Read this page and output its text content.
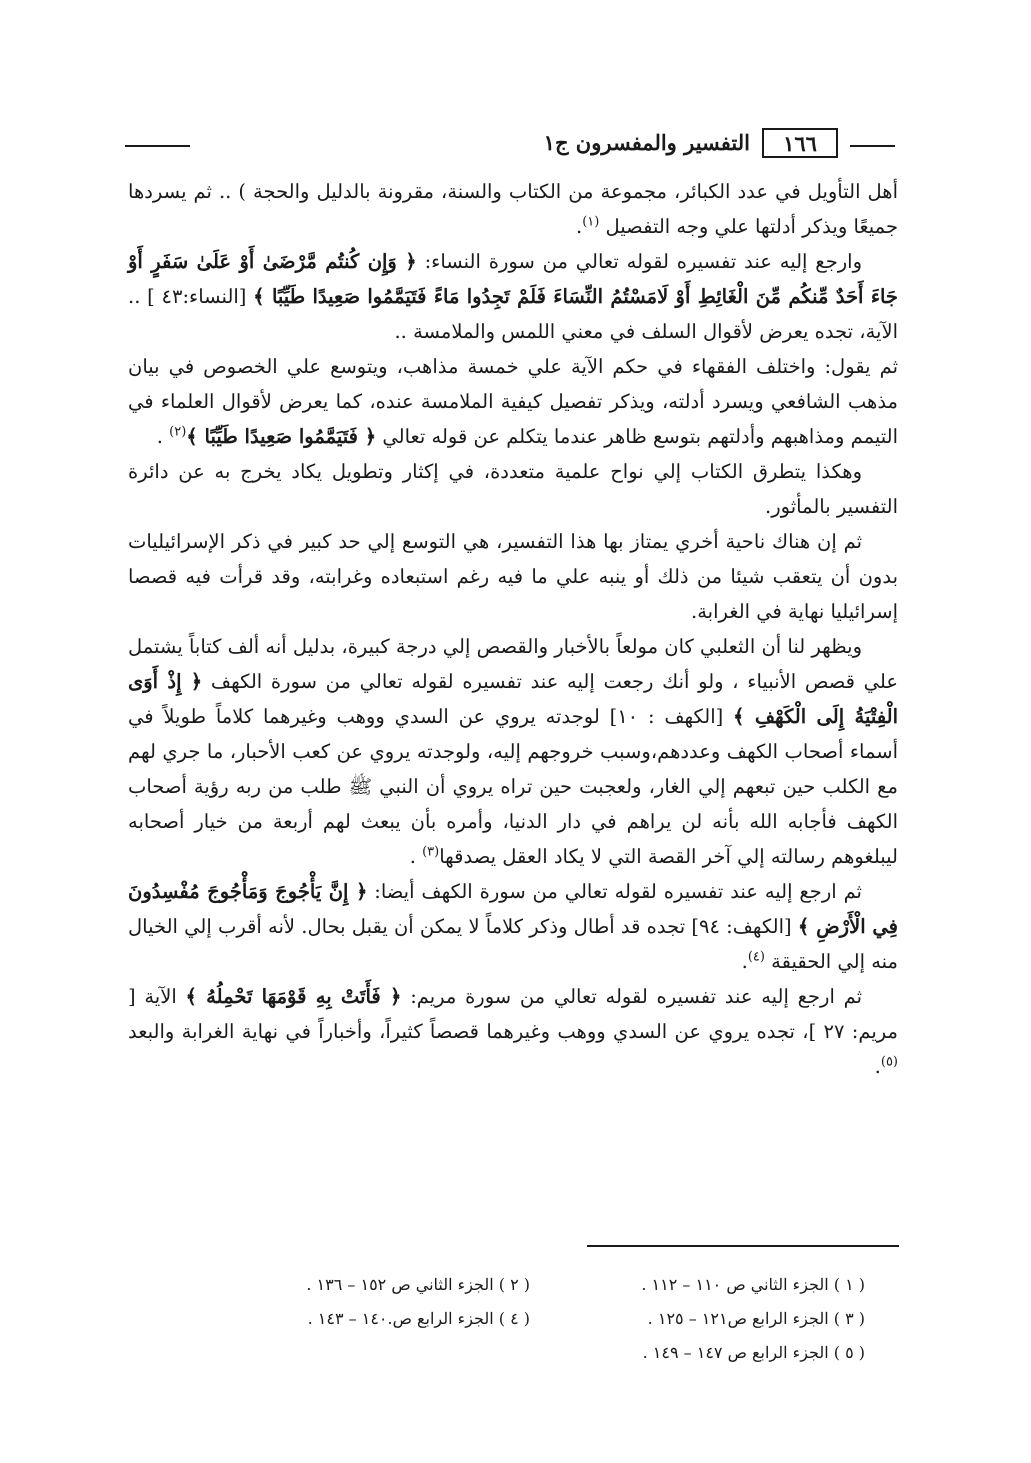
١٦٦
التفسير والمفسرون ج١

أهل التأويل في عدد الكبائر، مجموعة من الكتاب والسنة، مقرونة بالدليل والحجة ) .. ثم يسردها جميعًا ويذكر أدلتها علي وجه التفصيل $^{(١)}$.

وارجع إليه عند تفسيره لقوله تعالي من سورة النساء: ﴿ وَإِن كُنتُم مَّرْضَىٰ أَوْ عَلَىٰ سَفَرٍ أَوْ جَاءَ أَحَدٌ مِّنكُم مِّنَ الْغَائِطِ أَوْ لَامَسْتُمُ النِّسَاءَ فَلَمْ تَجِدُوا مَاءً فَتَيَمَّمُوا صَعِيدًا طَيِّبًا ﴾ [النساء:٤٣ ] .. الآية، تجده يعرض لأقوال السلف في معني اللمس والملامسة ..

ثم يقول: واختلف الفقهاء في حكم الآية علي خمسة مذاهب، ويتوسع علي الخصوص في بيان مذهب الشافعي ويسرد أدلته، ويذكر تفصيل كيفية الملامسة عنده، كما يعرض لأقوال العلماء في التيمم ومذاهبهم وأدلتهم بتوسع ظاهر عندما يتكلم عن قوله تعالي ﴿ فَتَيَمَّمُوا صَعِيدًا طَيِّبًا ﴾$^{(٢)}$ .

وهكذا يتطرق الكتاب إلي نواح علمية متعددة، في إكثار وتطويل يكاد يخرج به عن دائرة التفسير بالمأثور.

ثم إن هناك ناحية أخري يمتاز بها هذا التفسير، هي التوسع إلي حد كبير في ذكر الإسرائيليات بدون أن يتعقب شيئا من ذلك أو ينبه علي ما فيه رغم استبعاده وغرابته، وقد قرأت فيه قصصا إسرائيليا نهاية في الغرابة.

ويظهر لنا أن الثعلبي كان مولعاً بالأخبار والقصص إلي درجة كبيرة، بدليل أنه ألف كتاباً يشتمل علي قصص الأنبياء ، ولو أنك رجعت إليه عند تفسيره لقوله تعالي من سورة الكهف ﴿ إِذْ أَوَى الْفِتْيَةُ إِلَى الْكَهْفِ ﴾ [الكهف : ١٠] لوجدته يروي عن السدي ووهب وغيرهما كلاماً طويلاً في أسماء أصحاب الكهف وعددهم،وسبب خروجهم إليه، ولوجدته يروي عن كعب الأحبار، ما جري لهم مع الكلب حين تبعهم إلي الغار، ولعجبت حين تراه يروي أن النبي ﷺ طلب من ربه رؤية أصحاب الكهف فأجابه الله بأنه لن يراهم في دار الدنيا، وأمره بأن يبعث لهم أربعة من خيار أصحابه ليبلغوهم رسالته إلي آخر القصة التي لا يكاد العقل يصدقها$^{(٣)}$ .

ثم ارجع إليه عند تفسيره لقوله تعالي من سورة الكهف أيضا: ﴿ إِنَّ يَأْجُوجَ وَمَأْجُوجَ مُفْسِدُونَ فِي الْأَرْضِ ﴾ [الكهف: ٩٤] تجده قد أطال وذكر كلاماً لا يمكن أن يقبل بحال. لأنه أقرب إلي الخيال منه إلي الحقيقة $^{(٤)}$.

ثم ارجع إليه عند تفسيره لقوله تعالي من سورة مريم: ﴿ فَأَتَتْ بِهِ قَوْمَهَا تَحْمِلُهُ ﴾ الآية [ مريم: ٢٧ ]، تجده يروي عن السدي ووهب وغيرهما قصصاً كثيراً، وأخباراً في نهاية الغرابة والبعد $^{(٥)}$.

( ١ ) الجزء الثاني ص ١١٠ – ١١٢ .
( ٢ ) الجزء الثاني ص ١٥٢ – ١٣٦ .
( ٣ ) الجزء الرابع ص١٢١ – ١٢٥ .
( ٤ ) الجزء الرابع ص.١٤٠ – ١٤٣ .
( ٥ ) الجزء الرابع ص ١٤٧ – ١٤٩ .
